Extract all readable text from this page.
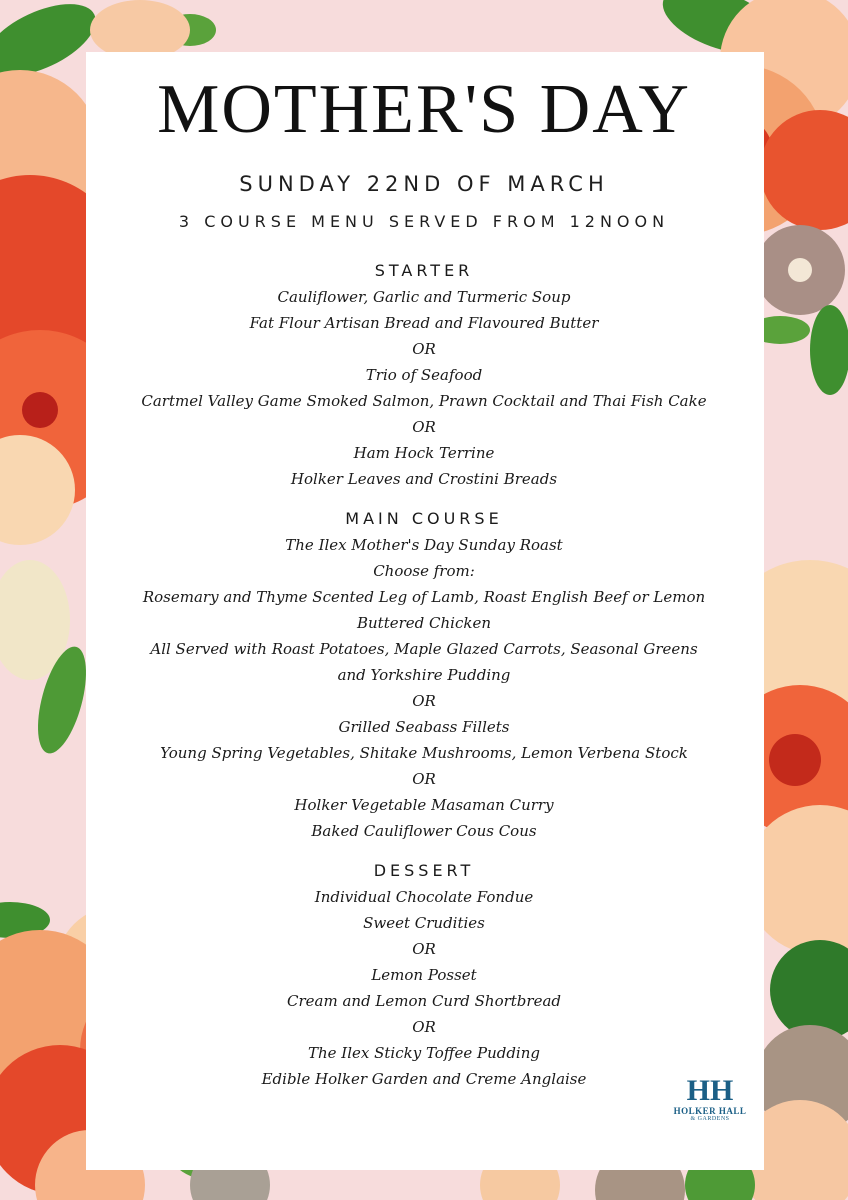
MOTHER'S DAY
SUNDAY 22ND OF MARCH
3 COURSE MENU SERVED FROM 12NOON
STARTER
Cauliflower, Garlic and Turmeric Soup
Fat Flour Artisan Bread and Flavoured Butter
OR
Trio of Seafood
Cartmel Valley Game Smoked Salmon, Prawn Cocktail and Thai Fish Cake
OR
Ham Hock Terrine
Holker Leaves and Crostini Breads
MAIN COURSE
The Ilex Mother's Day Sunday Roast
Choose from:
Rosemary and Thyme Scented Leg of Lamb, Roast English Beef or Lemon
Buttered Chicken
All Served with Roast Potatoes, Maple Glazed Carrots, Seasonal Greens
and Yorkshire Pudding
OR
Grilled Seabass Fillets
Young Spring Vegetables, Shitake Mushrooms, Lemon Verbena Stock
OR
Holker Vegetable Masaman Curry
Baked Cauliflower Cous Cous
DESSERT
Individual Chocolate Fondue
Sweet Crudities
OR
Lemon Posset
Cream and Lemon Curd Shortbread
OR
The Ilex Sticky Toffee Pudding
Edible Holker Garden and Creme Anglaise	HH
HOLKER HALL
& GARDENS
